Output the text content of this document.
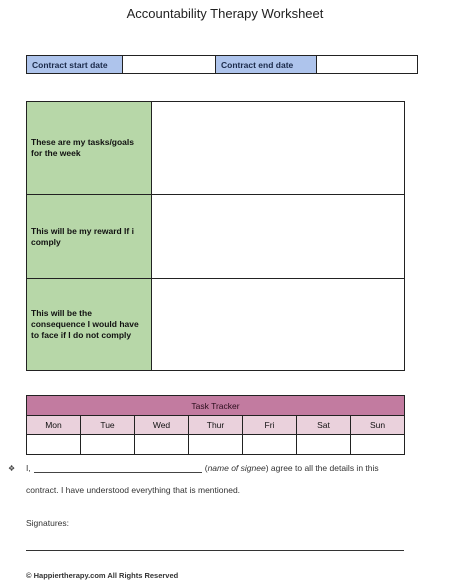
Accountability Therapy Worksheet
Contract start date	Contract end date
These are my tasks/goals for the week
This will be my reward If i comply
This will be the consequence I would have to face if I do not comply
Task Tracker
Mon	Tue	Wed	Thur	Fri	Sat	Sun
❖	I,	(name of signee) agree to all the details in this
contract. I have understood everything that is mentioned.
Signatures:
© Happiertherapy.com All Rights Reserved
